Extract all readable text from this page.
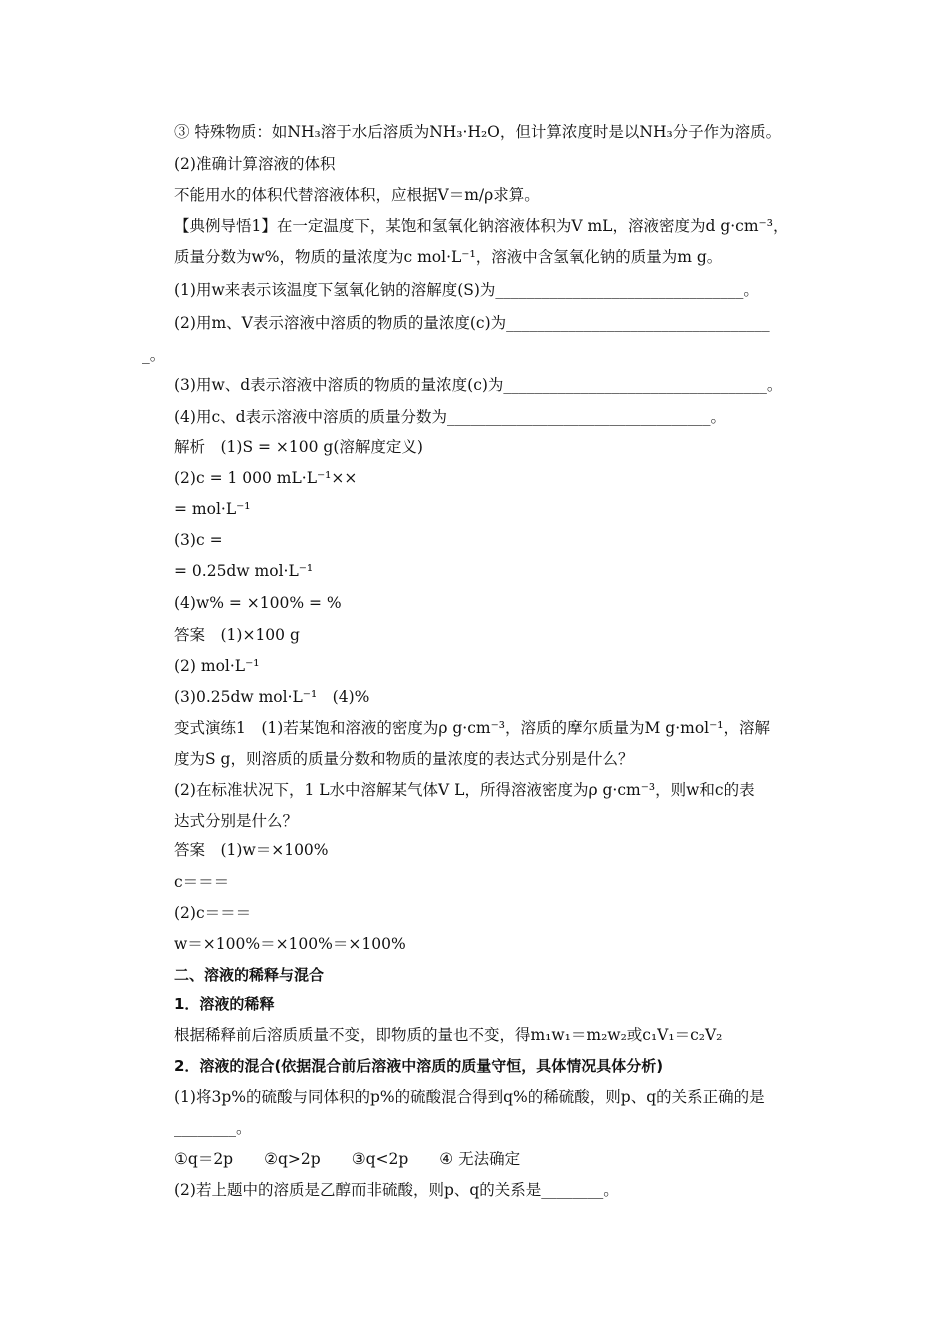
③ 特殊物质：如NH₃溶于水后溶质为NH₃·H₂O，但计算浓度时是以NH₃分子作为溶质。
(2)准确计算溶液的体积
不能用水的体积代替溶液体积，应根据V＝m/ρ求算。
【典例导悟1】在一定温度下，某饱和氢氧化钠溶液体积为V mL，溶液密度为d g·cm⁻³，
质量分数为w%，物质的量浓度为c mol·L⁻¹，溶液中含氢氧化钠的质量为m g。
(1)用w来表示该温度下氢氧化钠的溶解度(S)为________________________________。
(2)用m、V表示溶液中溶质的物质的量浓度(c)为__________________________________
_。
(3)用w、d表示溶液中溶质的物质的量浓度(c)为__________________________________。
(4)用c、d表示溶液中溶质的质量分数为__________________________________。
解析　(1)S = ×100 g(溶解度定义)
(2)c = 1 000 mL·L⁻¹××
= mol·L⁻¹
(3)c =
= 0.25dw mol·L⁻¹
(4)w% = ×100% = %
答案　(1)×100 g
(2) mol·L⁻¹
(3)0.25dw mol·L⁻¹　(4)%
变式演练1　(1)若某饱和溶液的密度为ρ g·cm⁻³，溶质的摩尔质量为M g·mol⁻¹，溶解
度为S g，则溶质的质量分数和物质的量浓度的表达式分别是什么？
(2)在标准状况下，1 L水中溶解某气体V L，所得溶液密度为ρ g·cm⁻³，则w和c的表
达式分别是什么？
答案　(1)w＝×100%
c＝＝＝
(2)c＝＝＝
w＝×100%＝×100%＝×100%
二、溶液的稀释与混合
1．溶液的稀释
根据稀释前后溶质质量不变，即物质的量也不变，得m₁w₁＝m₂w₂或c₁V₁＝c₂V₂
2．溶液的混合(依据混合前后溶液中溶质的质量守恒，具体情况具体分析)
(1)将3p%的硫酸与同体积的p%的硫酸混合得到q%的稀硫酸，则p、q的关系正确的是
________。
①q＝2p　　②q>2p　　③q<2p　　④ 无法确定
(2)若上题中的溶质是乙醇而非硫酸，则p、q的关系是________。
